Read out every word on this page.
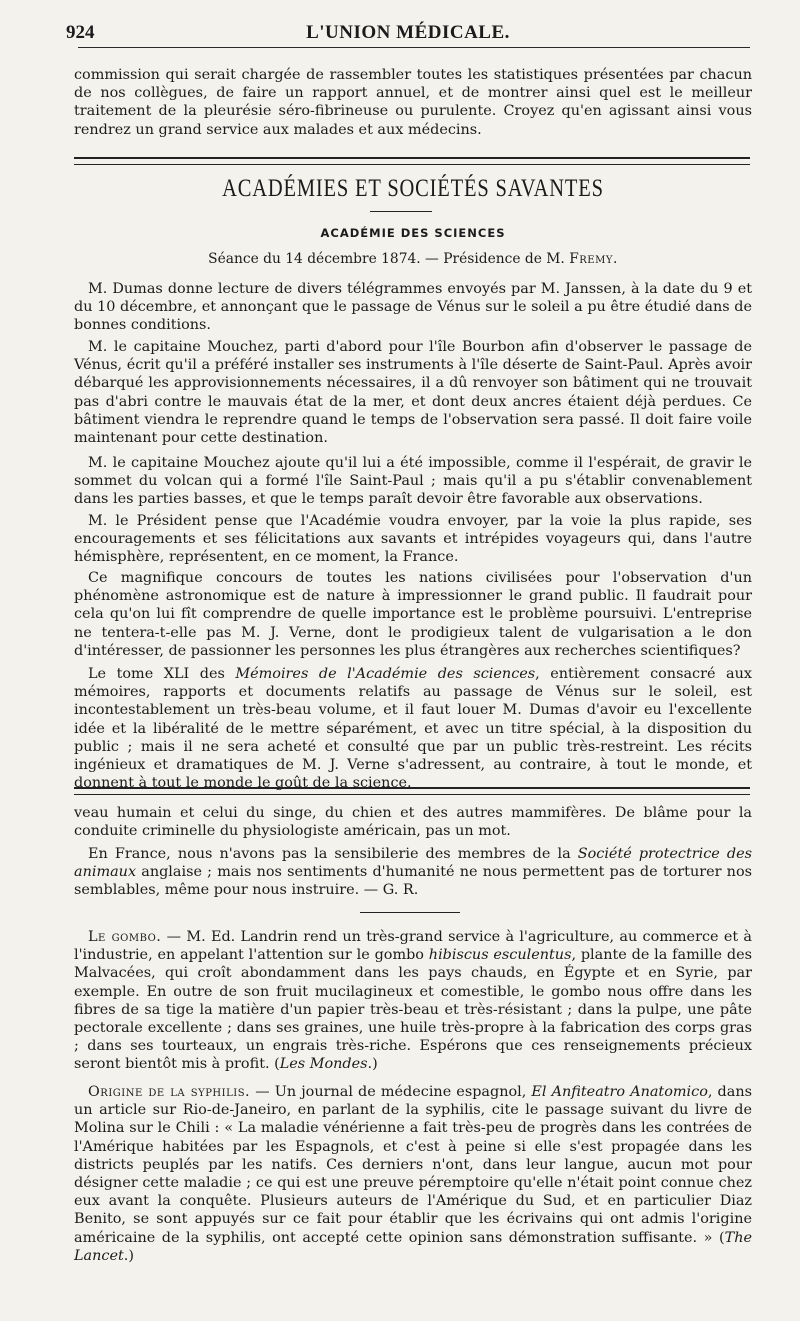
924	L'UNION MÉDICALE.

commission qui serait chargée de rassembler toutes les statistiques présentées par chacun de nos collègues, de faire un rapport annuel, et de montrer ainsi quel est le meilleur traitement de la pleurésie séro-fibrineuse ou purulente. Croyez qu'en agissant ainsi vous rendrez un grand service aux malades et aux médecins.

ACADÉMIES ET SOCIÉTÉS SAVANTES
ACADÉMIE DES SCIENCES
Séance du 14 décembre 1874. — Présidence de M. Fremy.

M. Dumas donne lecture de divers télégrammes envoyés par M. Janssen, à la date du 9 et du 10 décembre, et annonçant que le passage de Vénus sur le soleil a pu être étudié dans de bonnes conditions.

M. le capitaine Mouchez, parti d'abord pour l'île Bourbon afin d'observer le passage de Vénus, écrit qu'il a préféré installer ses instruments à l'île déserte de Saint-Paul. Après avoir débarqué les approvisionnements nécessaires, il a dû renvoyer son bâtiment qui ne trouvait pas d'abri contre le mauvais état de la mer, et dont deux ancres étaient déjà perdues. Ce bâtiment viendra le reprendre quand le temps de l'observation sera passé. Il doit faire voile maintenant pour cette destination.

M. le capitaine Mouchez ajoute qu'il lui a été impossible, comme il l'espérait, de gravir le sommet du volcan qui a formé l'île Saint-Paul ; mais qu'il a pu s'établir convenablement dans les parties basses, et que le temps paraît devoir être favorable aux observations.

M. le Président pense que l'Académie voudra envoyer, par la voie la plus rapide, ses encouragements et ses félicitations aux savants et intrépides voyageurs qui, dans l'autre hémisphère, représentent, en ce moment, la France.

Ce magnifique concours de toutes les nations civilisées pour l'observation d'un phénomène astronomique est de nature à impressionner le grand public. Il faudrait pour cela qu'on lui fît comprendre de quelle importance est le problème poursuivi. L'entreprise ne tentera-t-elle pas M. J. Verne, dont le prodigieux talent de vulgarisation a le don d'intéresser, de passionner les personnes les plus étrangères aux recherches scientifiques?

Le tome XLI des Mémoires de l'Académie des sciences, entièrement consacré aux mémoires, rapports et documents relatifs au passage de Vénus sur le soleil, est incontestablement un très-beau volume, et il faut louer M. Dumas d'avoir eu l'excellente idée et la libéralité de le mettre séparément, et avec un titre spécial, à la disposition du public ; mais il ne sera acheté et consulté que par un public très-restreint. Les récits ingénieux et dramatiques de M. J. Verne s'adressent, au contraire, à tout le monde, et donnent à tout le monde le goût de la science.

veau humain et celui du singe, du chien et des autres mammifères. De blâme pour la conduite criminelle du physiologiste américain, pas un mot.

En France, nous n'avons pas la sensibilerie des membres de la Société protectrice des animaux anglaise ; mais nos sentiments d'humanité ne nous permettent pas de torturer nos semblables, même pour nous instruire. — G. R.

Le gombo. — M. Ed. Landrin rend un très-grand service à l'agriculture, au commerce et à l'industrie, en appelant l'attention sur le gombo hibiscus esculentus, plante de la famille des Malvacées, qui croît abondamment dans les pays chauds, en Égypte et en Syrie, par exemple. En outre de son fruit mucilagineux et comestible, le gombo nous offre dans les fibres de sa tige la matière d'un papier très-beau et très-résistant ; dans la pulpe, une pâte pectorale excellente ; dans ses graines, une huile très-propre à la fabrication des corps gras ; dans ses tourteaux, un engrais très-riche. Espérons que ces renseignements précieux seront bientôt mis à profit. (Les Mondes.)

Origine de la syphilis. — Un journal de médecine espagnol, El Anfiteatro Anatomico, dans un article sur Rio-de-Janeiro, en parlant de la syphilis, cite le passage suivant du livre de Molina sur le Chili : « La maladie vénérienne a fait très-peu de progrès dans les contrées de l'Amérique habitées par les Espagnols, et c'est à peine si elle s'est propagée dans les districts peuplés par les natifs. Ces derniers n'ont, dans leur langue, aucun mot pour désigner cette maladie ; ce qui est une preuve péremptoire qu'elle n'était point connue chez eux avant la conquête. Plusieurs auteurs de l'Amérique du Sud, et en particulier Diaz Benito, se sont appuyés sur ce fait pour établir que les écrivains qui ont admis l'origine américaine de la syphilis, ont accepté cette opinion sans démonstration suffisante. » (The Lancet.)
